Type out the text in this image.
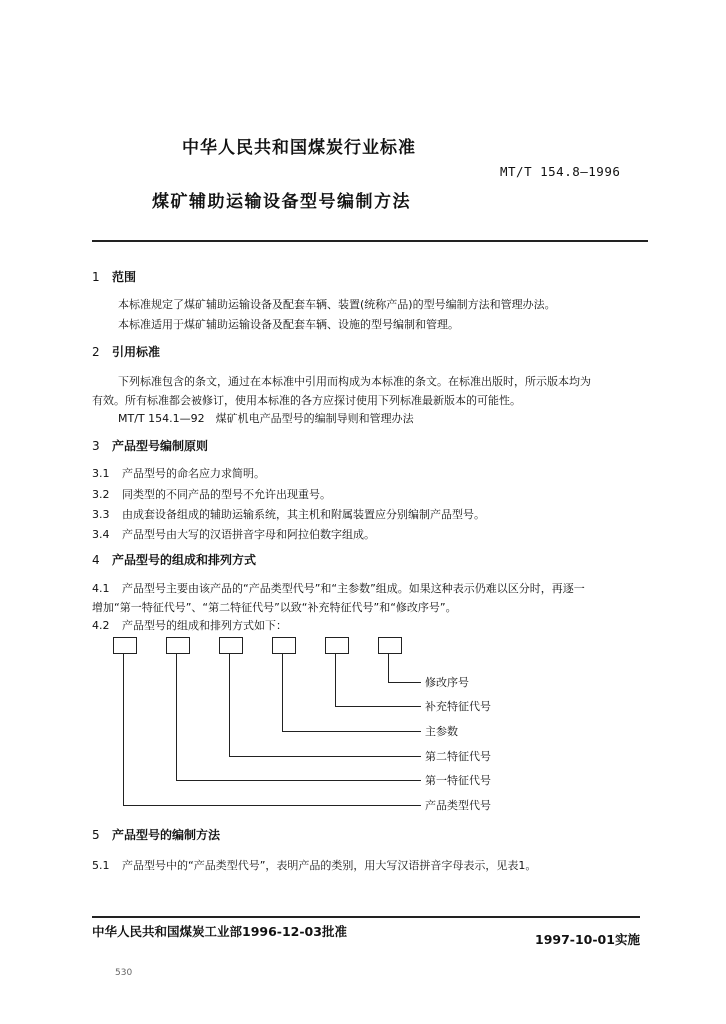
中华人民共和国煤炭行业标准
MT/T 154.8—1996
煤矿辅助运输设备型号编制方法
1 范围
本标准规定了煤矿辅助运输设备及配套车辆、装置(统称产品)的型号编制方法和管理办法。
本标准适用于煤矿辅助运输设备及配套车辆、设施的型号编制和管理。
2 引用标准
下列标准包含的条文，通过在本标准中引用而构成为本标准的条文。在标准出版时，所示版本均为
有效。所有标准都会被修订，使用本标准的各方应探讨使用下列标准最新版本的可能性。
MT/T 154.1—92　煤矿机电产品型号的编制导则和管理办法
3 产品型号编制原则
3.1 产品型号的命名应力求简明。
3.2 同类型的不同产品的型号不允许出现重号。
3.3 由成套设备组成的辅助运输系统，其主机和附属装置应分别编制产品型号。
3.4 产品型号由大写的汉语拼音字母和阿拉伯数字组成。
4 产品型号的组成和排列方式
4.1 产品型号主要由该产品的“产品类型代号”和“主参数”组成。如果这种表示仍难以区分时，再逐一
增加“第一特征代号”、“第二特征代号”以致“补充特征代号”和“修改序号”。
4.2 产品型号的组成和排列方式如下：
修改序号
补充特征代号
主参数
第二特征代号
第一特征代号
产品类型代号
5 产品型号的编制方法
5.1 产品型号中的“产品类型代号”，表明产品的类别，用大写汉语拼音字母表示，见表1。
中华人民共和国煤炭工业部1996-12-03批准
1997-10-01实施
530
